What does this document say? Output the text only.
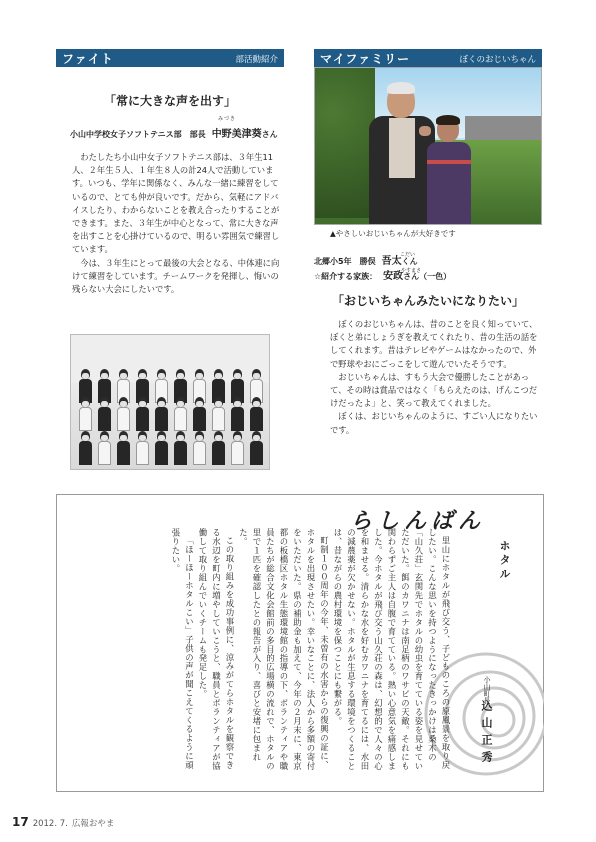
ファイト	部活動紹介
「常に大きな声を出す」
小山中学校女子ソフトテニス部　部長 中野美津葵さん
みづき

わたしたち小山中女子ソフトテニス部は、３年生11人、２年生５人、１年生８人の計24人で活動しています。いつも、学年に関係なく、みんな一緒に練習をしているので、とても仲が良いです。だから、気軽にアドバイスしたり、わからないことを教え合ったりすることができます。また、３年生が中心となって、常に大きな声を出すことを心掛けているので、明るい雰囲気で練習しています。

今は、３年生にとって最後の大会となる、中体連に向けて練習をしています。チームワークを発揮し、悔いの残らない大会にしたいです。

マイファミリー	ぼくのおじいちゃん
▲やさしいおじいちゃんが大好きです
北郷小5年　勝俣 吾太くん
☆紹介する家族： 安政さん（一色）
こだい
やすまさ
「おじいちゃんみたいになりたい」

ぼくのおじいちゃんは、昔のことを良く知っていて、ぼくと弟にしょうぎを教えてくれたり、昔の生活の話をしてくれます。昔はテレビやゲームはなかったので、外で野球やおにごっこをして遊んでいたそうです。

おじいちゃんは、すもう大会で優勝したことがあって、その時は賞品ではなく「もらえたのは、げんこつだけだったよ」と、笑って教えてくれました。

ぼくは、おじいちゃんのように、すごい人になりたいです。

らしんばん
ホタル
小山町長
込山正秀

里山にホタルが飛び交う、子どものころの原風景を取り戻したい。こんな思いを持つようになったきっかけは桑木の「山久荘」玄関先でホタルの幼虫を育てている姿を見せていただいた。餌のカワニナは南足柄のワサビの天敵。それにも関わらずご主人は自腹で育てている。熱い心意気を痛感しました。今ホタルが飛び交う山久荘の森は、幻想的で人々の心を和ませる。清らかな水を好むカワニナを育てるには、水田の減農薬が欠かせない。ホタルが生息する環境をつくることは、昔ながらの農村環境を保つことにも繋がる。

町制１００周年の今年、未曽有の水害からの復興の証に、ホタルを出現させたい。幸いなことに、法人から多額の寄付をいただいた。県の補助金も加えて、今年の２月末に、東京都の板橋区ホタル生態環境館の指導の下、ボランティアや職員たちが総合文化会館前の多目的広場横の流れで、ホタルの里で１匹を確認したとの報告が入り、喜びと安堵に包まれた。

この取り組みを成功事例に、涼みがてらホタルを観察できる水辺を町内に増やしていこうと、職員とボランティアが協働して取り組んでいくチームも発足した。

「ほーほーホタルこい」子供の声が聞こえてくるように頑張りたい。

17 2012. 7. 広報おやま
